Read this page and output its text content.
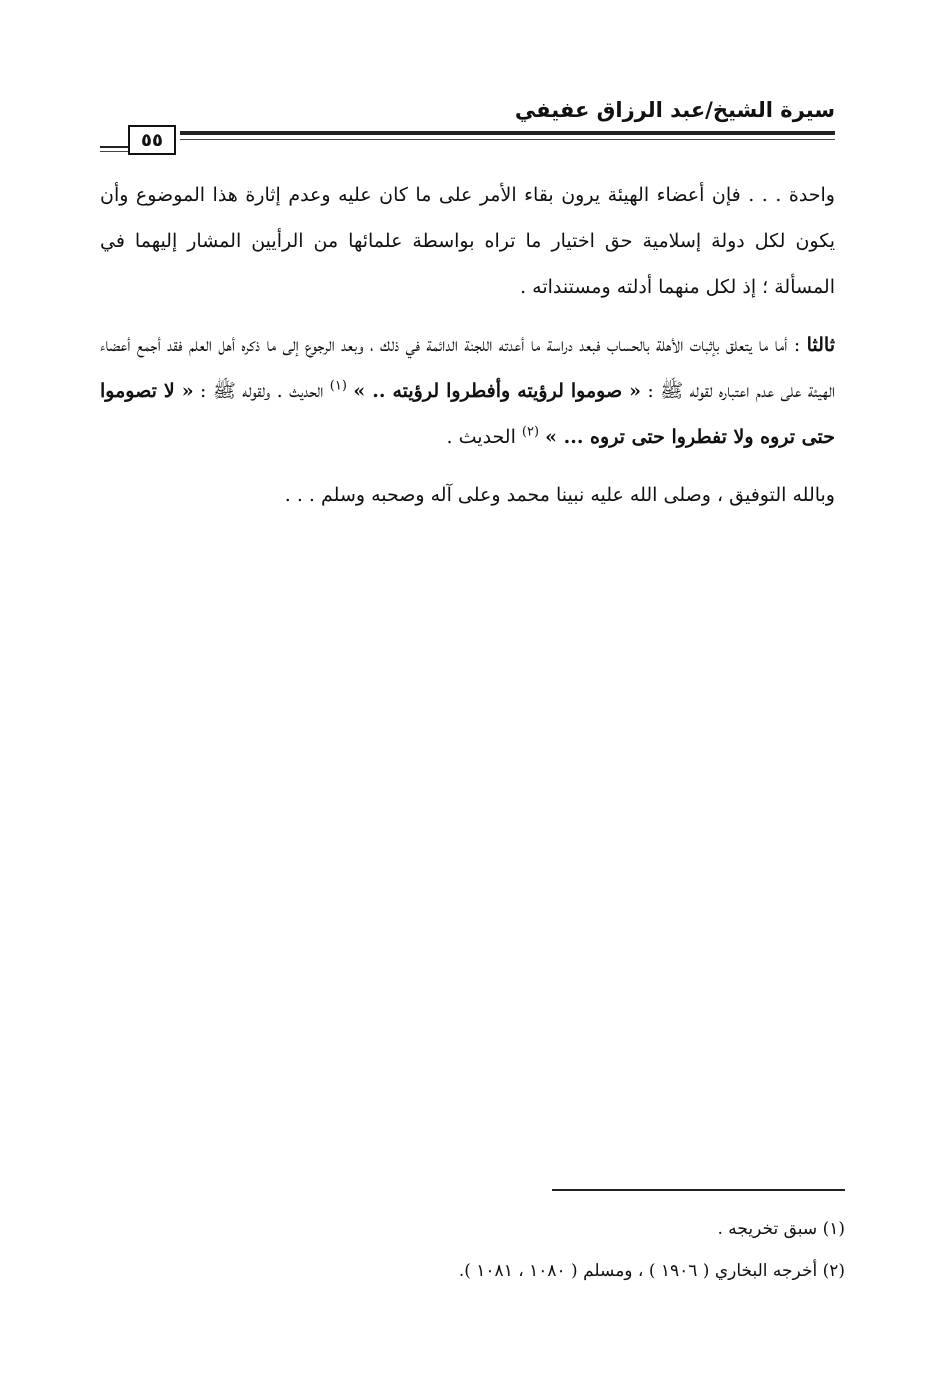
سيرة الشيخ/عبد الرزاق عفيفي
٥٥

واحدة . . . فإن أعضاء الهيئة يرون بقاء الأمر على ما كان عليه وعدم إثارة هذا الموضوع وأن يكون لكل دولة إسلامية حق اختيار ما تراه بواسطة علمائها من الرأيين المشار إليهما في المسألة ؛ إذ لكل منهما أدلته ومستنداته .

ثالثا : أما ما يتعلق بإثبات الأهلة بالحساب فبعد دراسة ما أعدته اللجنة الدائمة في ذلك ، وبعد الرجوع إلى ما ذكره أهل العلم فقد أجمع أعضاء الهيئة على عدم اعتباره لقوله ﷺ : « صوموا لرؤيته وأفطروا لرؤيته .. » $^{(١)}$ الحديث . ولقوله ﷺ : « لا تصوموا حتى تروه ولا تفطروا حتى تروه ... » $^{(٢)}$ الحديث .

وبالله التوفيق ، وصلى الله عليه نبينا محمد وعلى آله وصحبه وسلم . . .

(١) سبق تخريجه .
(٢) أخرجه البخاري ( ١٩٠٦ ) ، ومسلم ( ١٠٨٠ ، ١٠٨١ ).
